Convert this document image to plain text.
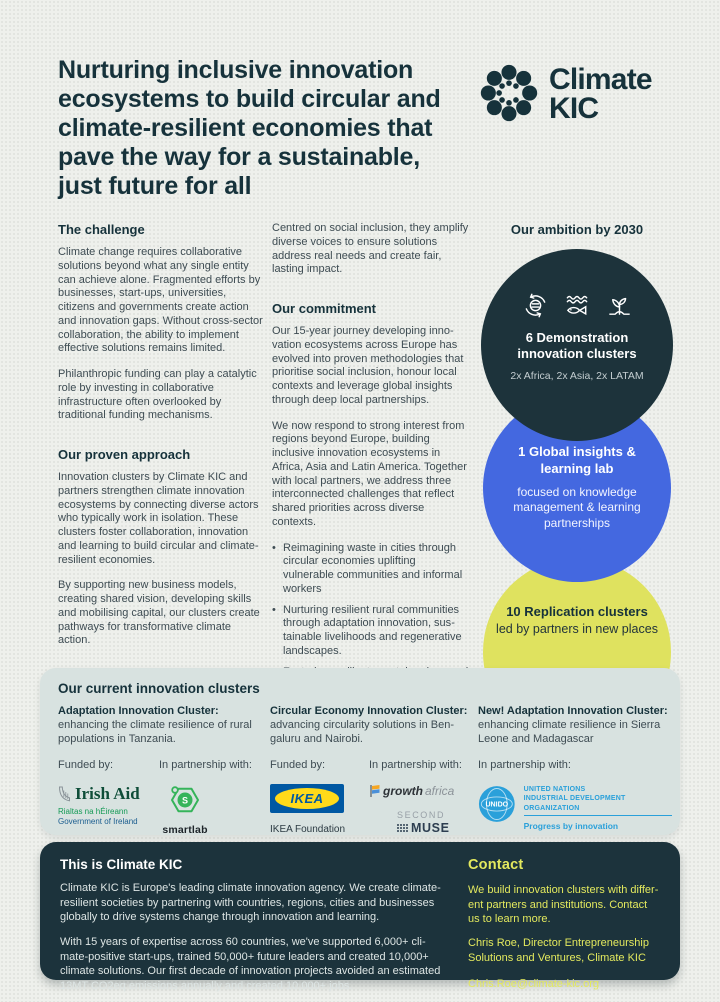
Nurturing inclusive innovation ecosystems to build circular and climate-resilient economies that pave the way for a sustainable, just future for all
Climate
KIC
The challenge

Climate change requires collaborative solutions beyond what any single entity can achieve alone. Fragmented efforts by businesses, start-ups, universities, citizens and governments create action and innovation gaps. Without cross-sector collaboration, the ability to implement effective solutions remains limited.

Philanthropic funding can play a catalytic role by investing in collaborative infrastructure often overlooked by traditional funding mechanisms.

Our proven approach

Innovation clusters by Climate KIC and partners strengthen climate innovation ecosystems by connecting diverse actors who typically work in isolation. These clusters foster collaboration, innovation and learning to build circular and climate-resilient economies.

By supporting new business models, creating shared vision, developing skills and mobilising capital, our clusters create pathways for transformative climate action.

Centred on social inclusion, they amplify diverse voices to ensure solutions address real needs and create fair, lasting impact.

Our commitment

Our 15-year journey developing innovation ecosystems across Europe has evolved into proven methodologies that prioritise social inclusion, honour local contexts and leverage global insights through deep local partnerships.

We now respond to strong interest from regions beyond Europe, building inclusive innovation ecosystems in Africa, Asia and Latin America. Together with local partners, we address three interconnected challenges that reflect shared priorities across diverse contexts.

• Reimagining waste in cities through circular economies uplifting vulnerable communities and informal workers
• Nurturing resilient rural communities through adaptation innovation, sustainable livelihoods and regenerative landscapes.
•
Our ambition by 2030
6 Demonstration innovation clusters
2x Africa, 2x Asia, 2x LATAM
1 Global insights & learning lab
focused on knowledge management & learning partnerships
10 Replication clusters
led by partners in new places
Our current innovation clusters

Adaptation Innovation Cluster: enhancing the climate resilience of rural populations in Tanzania.

Funded by:
Irish Aid
Rialtas na hÉireann
Government of Ireland
In partnership with:
S
smartlab

Circular Economy Innovation Cluster: advancing circularity solutions in Bengaluru and Nairobi.

Funded by:
IKEA
IKEA Foundation
In partnership with:
growth africa
SECOND
MUSE

New! Adaptation Innovation Cluster: enhancing climate resilience in Sierra Leone and Madagascar

In partnership with:
UNIDO
UNITED NATIONS
INDUSTRIAL DEVELOPMENT ORGANIZATION
Progress by innovation
This is Climate KIC

Climate KIC is Europe's leading climate innovation agency. We create climate-resilient societies by partnering with countries, regions, cities and businesses globally to drive systems change through innovation and learning.

With 15 years of expertise across 60 countries, we've supported 6,000+ climate-positive start-ups, trained 50,000+ future leaders and created 10,000+ climate solutions. Our first decade of innovation projects avoided an estimated 13MT CO2eq emissions annually and created 10,000+ jobs.

Contact

We build innovation clusters with different partners and institutions. Contact us to learn more.

Chris Roe, Director Entrepreneurship Solutions and Ventures, Climate KIC

Chris.Roe@climate-kic.org
